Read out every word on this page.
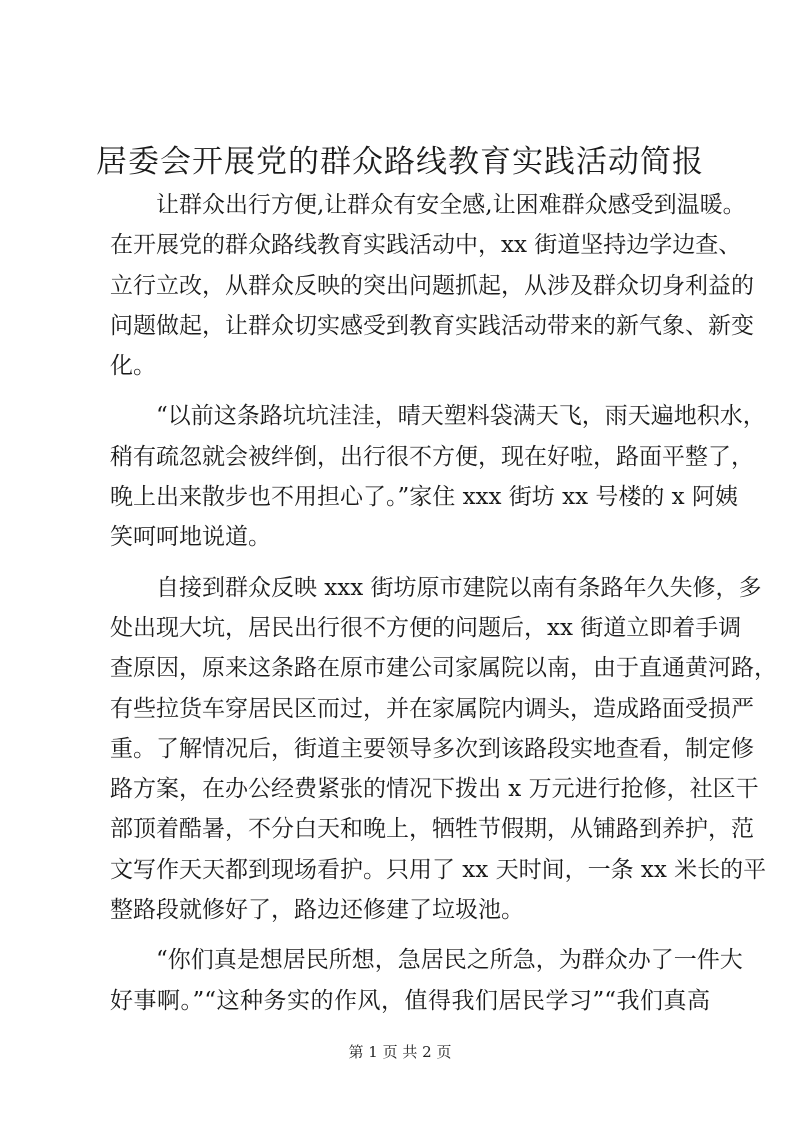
居委会开展党的群众路线教育实践活动简报
让群众出行方便,让群众有安全感,让困难群众感受到温暖。
在开展党的群众路线教育实践活动中，xx 街道坚持边学边查、
立行立改，从群众反映的突出问题抓起，从涉及群众切身利益的
问题做起，让群众切实感受到教育实践活动带来的新气象、新变
化。
“以前这条路坑坑洼洼，晴天塑料袋满天飞，雨天遍地积水，
稍有疏忽就会被绊倒，出行很不方便，现在好啦，路面平整了，
晚上出来散步也不用担心了。”家住 xxx 街坊 xx 号楼的 x 阿姨
笑呵呵地说道。
自接到群众反映 xxx 街坊原市建院以南有条路年久失修，多
处出现大坑，居民出行很不方便的问题后，xx 街道立即着手调
查原因，原来这条路在原市建公司家属院以南，由于直通黄河路，
有些拉货车穿居民区而过，并在家属院内调头，造成路面受损严
重。了解情况后，街道主要领导多次到该路段实地查看，制定修
路方案，在办公经费紧张的情况下拨出 x 万元进行抢修，社区干
部顶着酷暑，不分白天和晚上，牺牲节假期，从铺路到养护，范
文写作天天都到现场看护。只用了 xx 天时间，一条 xx 米长的平
整路段就修好了，路边还修建了垃圾池。
“你们真是想居民所想，急居民之所急，为群众办了一件大
好事啊。”“这种务实的作风，值得我们居民学习”“我们真高
第 1 页 共 2 页
